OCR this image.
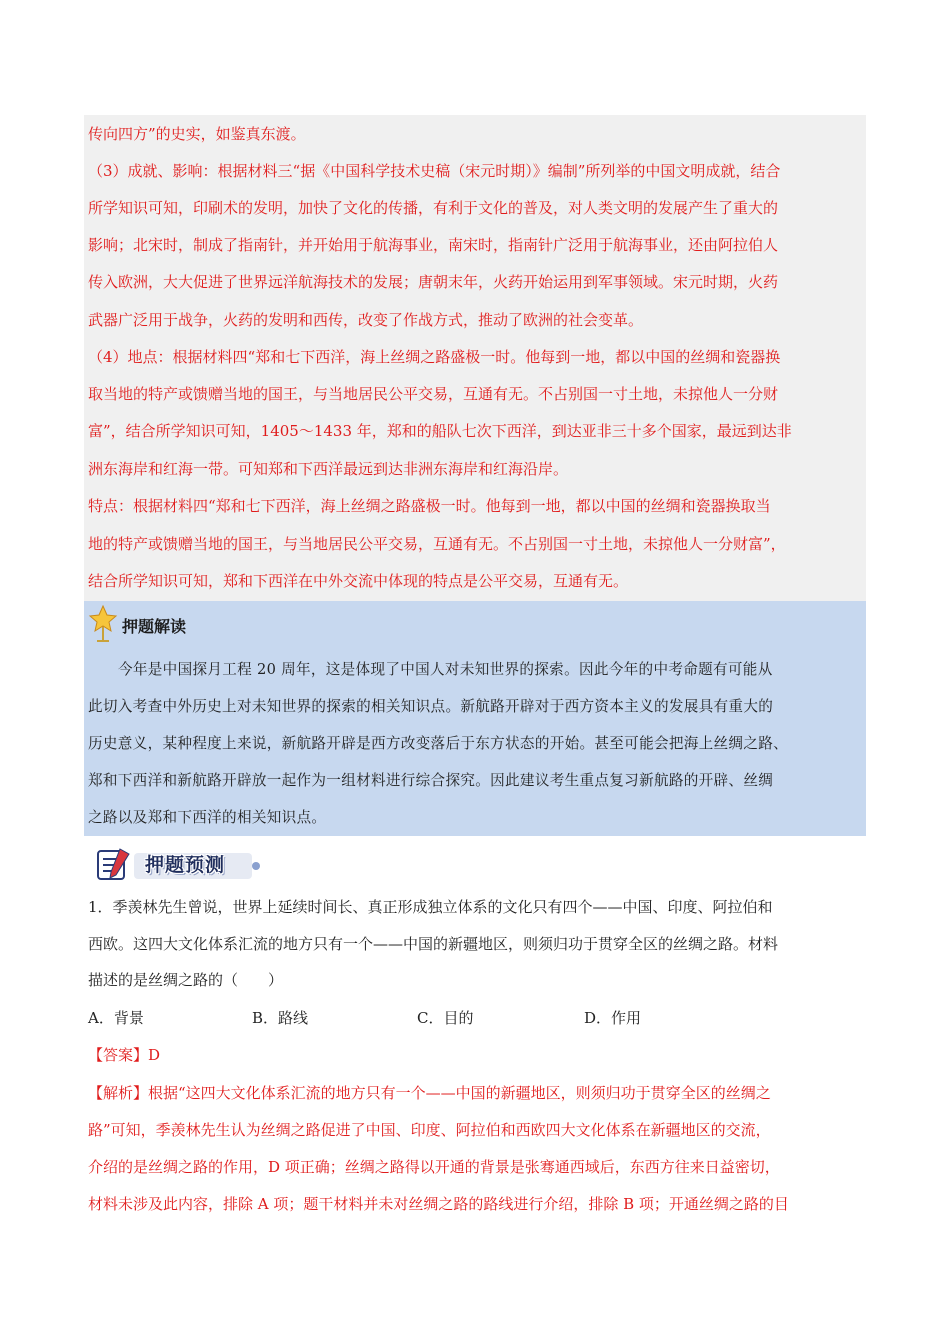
传向四方”的史实，如鉴真东渡。
（3）成就、影响：根据材料三“据《中国科学技术史稿（宋元时期）》编制”所列举的中国文明成就，结合
所学知识可知，印刷术的发明，加快了文化的传播，有利于文化的普及，对人类文明的发展产生了重大的
影响；北宋时，制成了指南针，并开始用于航海事业，南宋时，指南针广泛用于航海事业，还由阿拉伯人
传入欧洲，大大促进了世界远洋航海技术的发展；唐朝末年，火药开始运用到军事领域。宋元时期，火药
武器广泛用于战争，火药的发明和西传，改变了作战方式，推动了欧洲的社会变革。
（4）地点：根据材料四“郑和七下西洋，海上丝绸之路盛极一时。他每到一地，都以中国的丝绸和瓷器换
取当地的特产或馈赠当地的国王，与当地居民公平交易，互通有无。不占别国一寸土地，未掠他人一分财
富”，结合所学知识可知，1405～1433 年，郑和的船队七次下西洋，到达亚非三十多个国家，最远到达非
洲东海岸和红海一带。可知郑和下西洋最远到达非洲东海岸和红海沿岸。
特点：根据材料四“郑和七下西洋，海上丝绸之路盛极一时。他每到一地，都以中国的丝绸和瓷器换取当
地的特产或馈赠当地的国王，与当地居民公平交易，互通有无。不占别国一寸土地，未掠他人一分财富”，
结合所学知识可知，郑和下西洋在中外交流中体现的特点是公平交易，互通有无。
押题解读
今年是中国探月工程 20 周年，这是体现了中国人对未知世界的探索。因此今年的中考命题有可能从
此切入考查中外历史上对未知世界的探索的相关知识点。新航路开辟对于西方资本主义的发展具有重大的
历史意义，某种程度上来说，新航路开辟是西方改变落后于东方状态的开始。甚至可能会把海上丝绸之路、
郑和下西洋和新航路开辟放一起作为一组材料进行综合探究。因此建议考生重点复习新航路的开辟、丝绸
之路以及郑和下西洋的相关知识点。
押题预测
1．季羡林先生曾说，世界上延续时间长、真正形成独立体系的文化只有四个——中国、印度、阿拉伯和
西欧。这四大文化体系汇流的地方只有一个——中国的新疆地区，则须归功于贯穿全区的丝绸之路。材料
描述的是丝绸之路的（　　）
A．背景	B．路线	C．目的	D．作用
【答案】D
【解析】根据“这四大文化体系汇流的地方只有一个——中国的新疆地区，则须归功于贯穿全区的丝绸之
路”可知，季羡林先生认为丝绸之路促进了中国、印度、阿拉伯和西欧四大文化体系在新疆地区的交流，
介绍的是丝绸之路的作用，D 项正确；丝绸之路得以开通的背景是张骞通西域后，东西方往来日益密切，
材料未涉及此内容，排除 A 项；题干材料并未对丝绸之路的路线进行介绍，排除 B 项；开通丝绸之路的目
